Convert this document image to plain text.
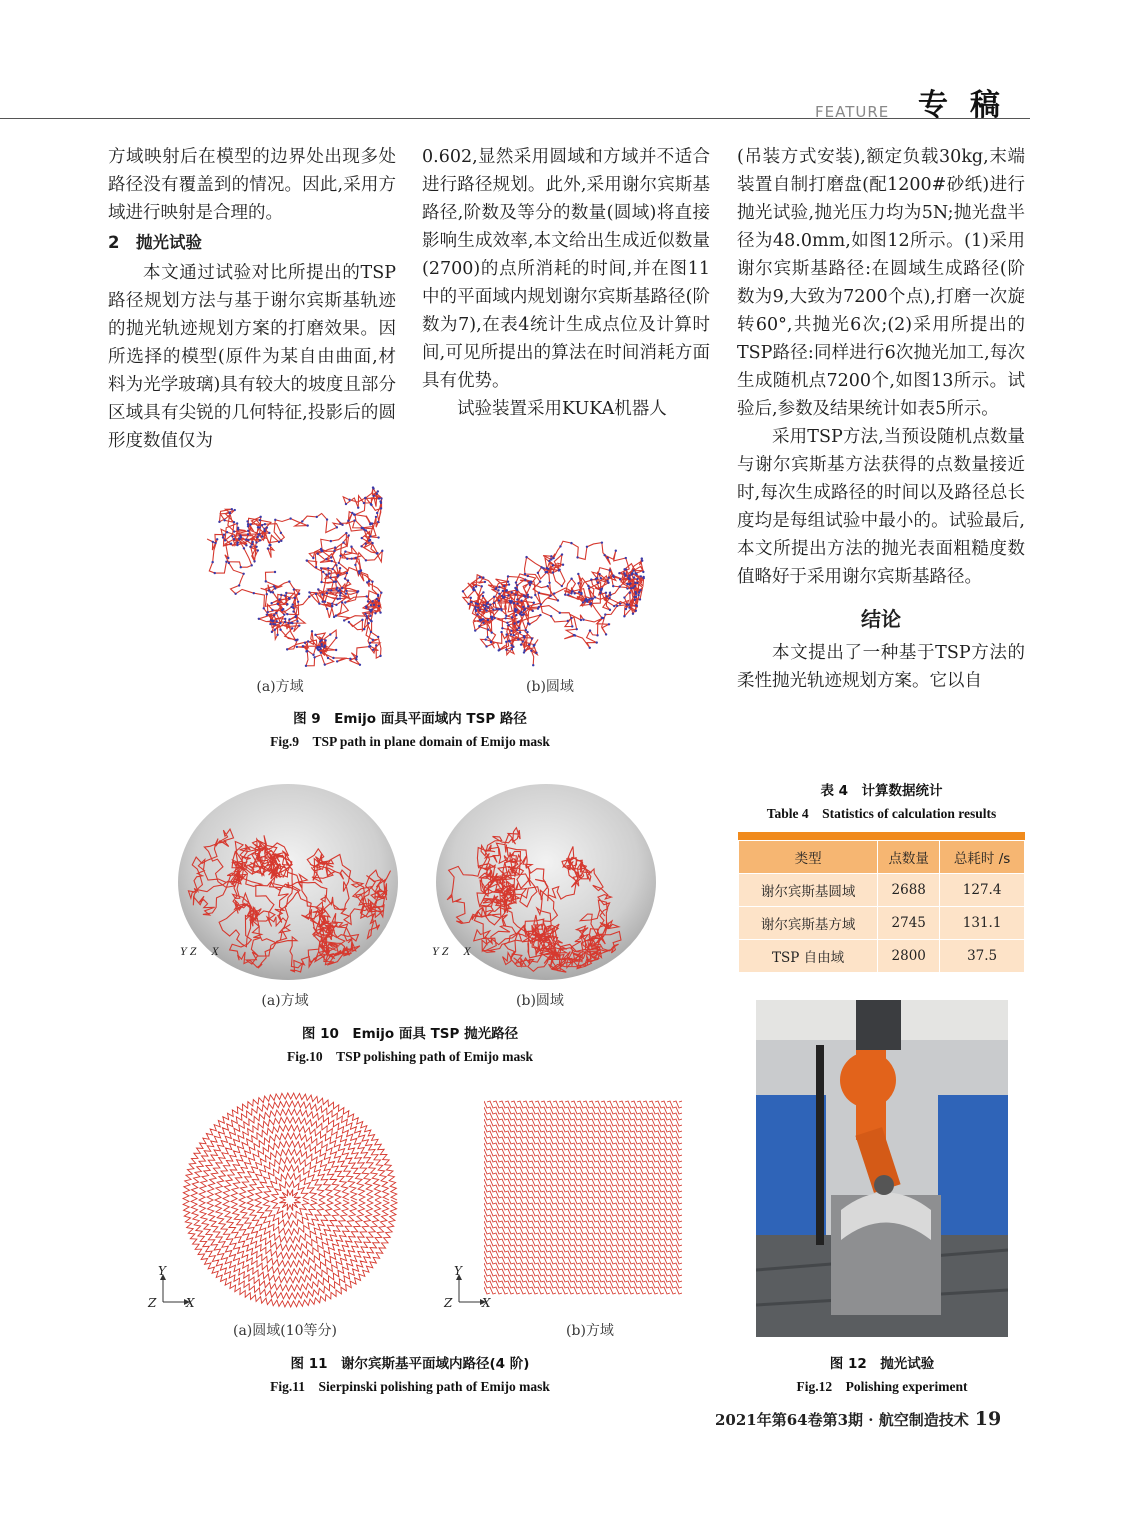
FEATURE 专稿

方域映射后在模型的边界处出现多处路径没有覆盖到的情况。因此,采用方域进行映射是合理的。

2　抛光试验

本文通过试验对比所提出的TSP路径规划方法与基于谢尔宾斯基轨迹的抛光轨迹规划方案的打磨效果。因所选择的模型(原件为某自由曲面,材料为光学玻璃)具有较大的坡度且部分区域具有尖锐的几何特征,投影后的圆形度数值仅为

0.602,显然采用圆域和方域并不适合进行路径规划。此外,采用谢尔宾斯基路径,阶数及等分的数量(圆域)将直接影响生成效率,本文给出生成近似数量(2700)的点所消耗的时间,并在图11中的平面域内规划谢尔宾斯基路径(阶数为7),在表4统计生成点位及计算时间,可见所提出的算法在时间消耗方面具有优势。

试验装置采用KUKA机器人

(吊装方式安装),额定负载30kg,末端装置自制打磨盘(配1200#砂纸)进行抛光试验,抛光压力均为5N;抛光盘半径为48.0mm,如图12所示。(1)采用谢尔宾斯基路径:在圆域生成路径(阶数为9,大致为7200个点),打磨一次旋转60°,共抛光6次;(2)采用所提出的TSP路径:同样进行6次抛光加工,每次生成随机点7200个,如图13所示。试验后,参数及结果统计如表5所示。

采用TSP方法,当预设随机点数量与谢尔宾斯基方法获得的点数量接近时,每次生成路径的时间以及路径总长度均是每组试验中最小的。试验最后,本文所提出方法的抛光表面粗糙度数值略好于采用谢尔宾斯基路径。

结论

本文提出了一种基于TSP方法的柔性抛光轨迹规划方案。它以自

(a)方域	(b)圆域
图 9　Emijo 面具平面域内 TSP 路径
Fig.9　TSP path in plane domain of Emijo mask
Y Z X	Y Z X
(a)方域	(b)圆域
图 10　Emijo 面具 TSP 抛光路径
Fig.10　TSP polishing path of Emijo mask
Y
Z X
Y
Z X
(a)圆域(10等分)	(b)方域
图 11　谢尔宾斯基平面域内路径(4 阶)
Fig.11　Sierpinski polishing path of Emijo mask
表 4　计算数据统计
Table 4　Statistics of calculation results
类型	点数量	总耗时 /s
谢尔宾斯基圆域	2688	127.4
谢尔宾斯基方域	2745	131.1
TSP 自由域	2800	37.5
图 12　抛光试验
Fig.12　Polishing experiment
2021年第64卷第3期 · 航空制造技术 19
